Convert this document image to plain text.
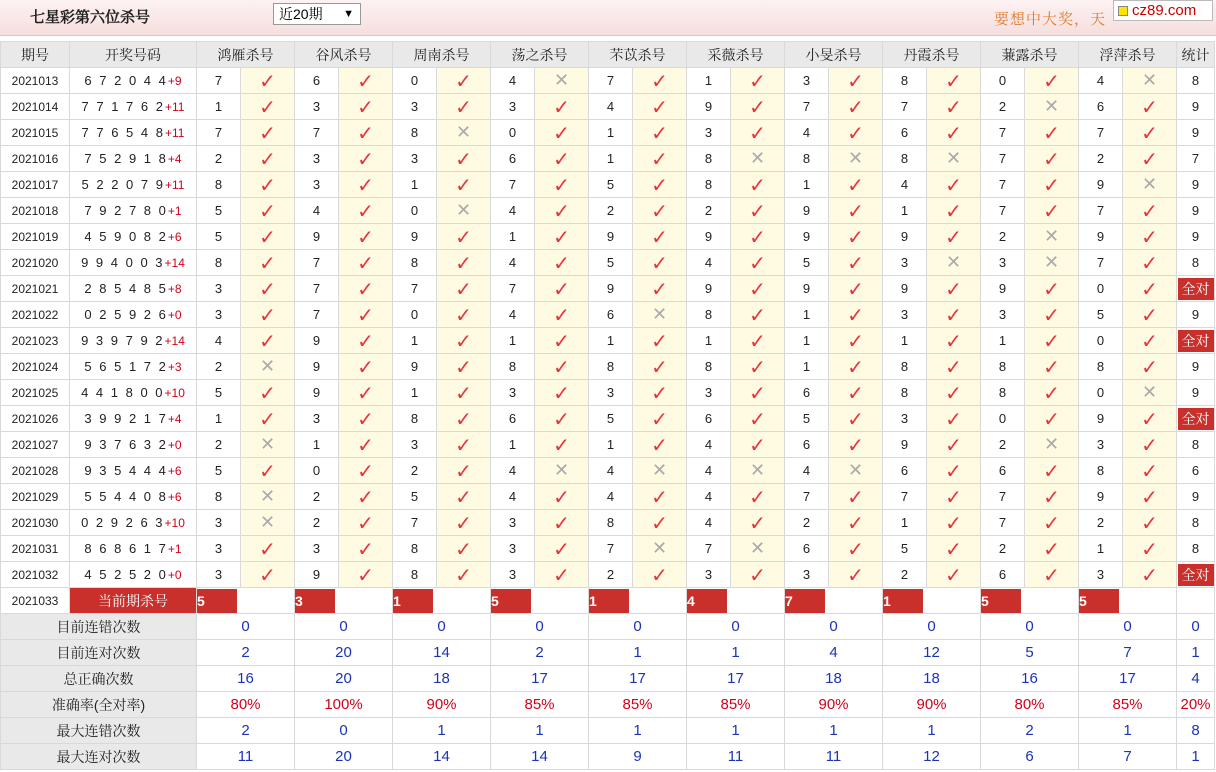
七星彩第六位杀号	近20期 ▼	要想中大奖，天
cz89.com
期号	开奖号码	鸿雁杀号		谷风杀号		周南杀号		荡之杀号		芣苡杀号		采薇杀号		小旻杀号		丹霞杀号		蒹露杀号		浮萍杀号		统计
2021013	6 7 2 0 4 4+9	7	✓	6	✓	0	✓	4	✕	7	✓	1	✓	3	✓	8	✓	0	✓	4	✕	8
2021014	7 7 1 7 6 2+11	1	✓	3	✓	3	✓	3	✓	4	✓	9	✓	7	✓	7	✓	2	✕	6	✓	9
2021015	7 7 6 5 4 8+11	7	✓	7	✓	8	✕	0	✓	1	✓	3	✓	4	✓	6	✓	7	✓	7	✓	9
2021016	7 5 2 9 1 8+4	2	✓	3	✓	3	✓	6	✓	1	✓	8	✕	8	✕	8	✕	7	✓	2	✓	7
2021017	5 2 2 0 7 9+11	8	✓	3	✓	1	✓	7	✓	5	✓	8	✓	1	✓	4	✓	7	✓	9	✕	9
2021018	7 9 2 7 8 0+1	5	✓	4	✓	0	✕	4	✓	2	✓	2	✓	9	✓	1	✓	7	✓	7	✓	9
2021019	4 5 9 0 8 2+6	5	✓	9	✓	9	✓	1	✓	9	✓	9	✓	9	✓	9	✓	2	✕	9	✓	9
2021020	9 9 4 0 0 3+14	8	✓	7	✓	8	✓	4	✓	5	✓	4	✓	5	✓	3	✕	3	✕	7	✓	8
2021021	2 8 5 4 8 5+8	3	✓	7	✓	7	✓	7	✓	9	✓	9	✓	9	✓	9	✓	9	✓	0	✓	全对
2021022	0 2 5 9 2 6+0	3	✓	7	✓	0	✓	4	✓	6	✕	8	✓	1	✓	3	✓	3	✓	5	✓	9
2021023	9 3 9 7 9 2+14	4	✓	9	✓	1	✓	1	✓	1	✓	1	✓	1	✓	1	✓	1	✓	0	✓	全对
2021024	5 6 5 1 7 2+3	2	✕	9	✓	9	✓	8	✓	8	✓	8	✓	1	✓	8	✓	8	✓	8	✓	9
2021025	4 4 1 8 0 0+10	5	✓	9	✓	1	✓	3	✓	3	✓	3	✓	6	✓	8	✓	8	✓	0	✕	9
2021026	3 9 9 2 1 7+4	1	✓	3	✓	8	✓	6	✓	5	✓	6	✓	5	✓	3	✓	0	✓	9	✓	全对
2021027	9 3 7 6 3 2+0	2	✕	1	✓	3	✓	1	✓	1	✓	4	✓	6	✓	9	✓	2	✕	3	✓	8
2021028	9 3 5 4 4 4+6	5	✓	0	✓	2	✓	4	✕	4	✕	4	✕	4	✕	6	✓	6	✓	8	✓	6
2021029	5 5 4 4 0 8+6	8	✕	2	✓	5	✓	4	✓	4	✓	4	✓	7	✓	7	✓	7	✓	9	✓	9
2021030	0 2 9 2 6 3+10	3	✕	2	✓	7	✓	3	✓	8	✓	4	✓	2	✓	1	✓	7	✓	2	✓	8
2021031	8 6 8 6 1 7+1	3	✓	3	✓	8	✓	3	✓	7	✕	7	✕	6	✓	5	✓	2	✓	1	✓	8
2021032	4 5 2 5 2 0+0	3	✓	9	✓	8	✓	3	✓	2	✓	3	✓	3	✓	2	✓	6	✓	3	✓	全对
2021033	当前期杀号	5		3		1		5		1		4		7		1		5		5		
目前连错次数		0		0		0		0		0		0		0		0		0		0		0
目前连对次数		2		20		14		2		1		1		4		12		5		7		1
总正确次数		16		20		18		17		17		17		18		18		16		17		4
准确率(全对率)		80%		100%		90%		85%		85%		85%		90%		90%		80%		85%		20%
最大连错次数		2		0		1		1		1		1		1		1		2		1		8
最大连对次数		11		20		14		14		9		11		11		12		6		7		1
